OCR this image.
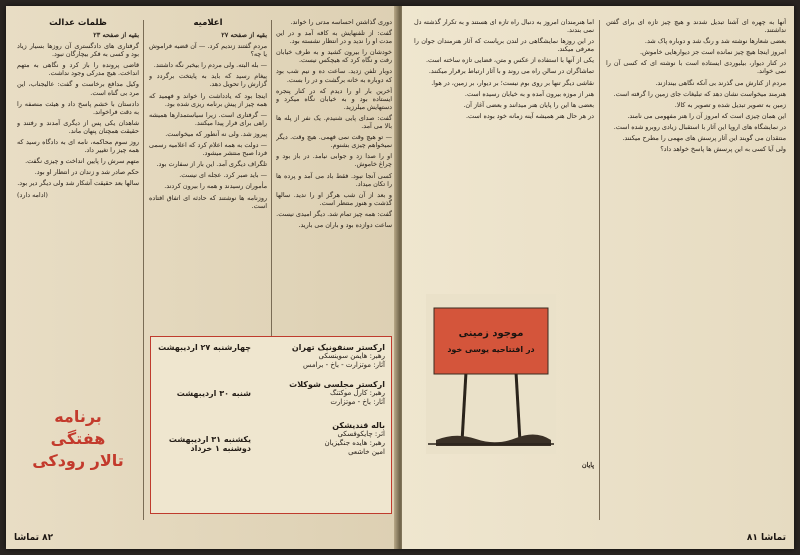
دوری گذاشتن احساسه مدتی را خواند.

گفت: از تلفنهایش به کافه آمد و در این مدت او را ندید و در انتظار نشسته بود.

خودشان را بیرون کشید و به طرف خیابان رفت و نگاه کرد که هیچکس نیست.

دوبار تلفن زدید. ساعت ده و نیم شب بود که دوباره به خانه برگشت و در را بست.

آخرین بار او را دیدم که در کنار پنجره ایستاده بود و به خیابان نگاه میکرد و دستهایش میلرزید.

گفت: صدای پایی شنیدم. یک نفر از پله ها بالا می آمد.

— تو هیچ وقت نمی فهمی. هیچ وقت. دیگر نمیخواهم چیزی بشنوم.

او را صدا زد و جوابی نیامد. در باز بود و چراغ خاموش.

کسی آنجا نبود. فقط باد می آمد و پرده ها را تکان میداد.

و بعد از آن شب هرگز او را ندید. سالها گذشت و هنوز منتظر است.

گفت: همه چیز تمام شد. دیگر امیدی نیست.

ساعت دوازده بود و باران می بارید.

اعلامیه
بقیه از صفحه ۲۷

مردم گفتند زندیم کرد. — آن قضیه فراموش یا چه؟

— بله البته. ولی مردم را بیخبر نگه داشتند.

پیغام رسید که باید به پایتخت برگردد و گزارش را تحویل دهد.

اینجا بود که یادداشت را خواند و فهمید که همه چیز از پیش برنامه ریزی شده بود.

— گرفتاری است. زیرا سیاستمدارها همیشه راهی برای فرار پیدا میکنند.

پیروز شد. ولی نه آنطور که میخواست.

— دولت به همه اعلام کرد که اعلامیه رسمی فردا صبح منتشر میشود.

تلگراف دیگری آمد. این بار از سفارت بود.

— باید صبر کرد. عجله ای نیست.

مأموران رسیدند و همه را بیرون کردند.

روزنامه ها نوشتند که حادثه ای اتفاق افتاده است.

ظلمات عدالت
بقیه از صفحه ۲۳

گرفتاری های دادگستری آن روزها بسیار زیاد بود و کسی به فکر بیچارگان نبود.

قاضی پرونده را باز کرد و نگاهی به متهم انداخت. هیچ مدرکی وجود نداشت.

وکیل مدافع برخاست و گفت: عالیجناب، این مرد بی گناه است.

دادستان با خشم پاسخ داد و هیئت منصفه را به دقت فراخواند.

شاهدان یکی پس از دیگری آمدند و رفتند و حقیقت همچنان پنهان ماند.

روز سوم محاکمه، نامه ای به دادگاه رسید که همه چیز را تغییر داد.

متهم سرش را پایین انداخت و چیزی نگفت.

حکم صادر شد و زندان در انتظار او بود.

سالها بعد حقیقت آشکار شد ولی دیگر دیر بود.

(ادامه دارد)

ارکستر سنفونیک تهران
رهبر: هایمن سوینسکی
آثار: موتزارت - باخ - برامس
ارکستر مجلسی شوکلات
رهبر: کارل موکتنگ
آثار: باخ - موتزارت
باله قندیشکن
اثر: چایکوفسکی
رهبر: هایده جنگیزیان
امین خاشعی
چهارشنبه ۲۷ اردیبهشت
شنبه ۳۰ اردیبهشت
یکشنبه ۳۱ اردیبهشت
دوشنبه ۱ خرداد
برنامه
هفتگی
تالار رودکی
۸۲ تماشا

آنها به چهره ای آشنا تبدیل شدند و هیچ چیز تازه ای برای گفتن نداشتند.

بعضی شعارها نوشته شد و رنگ شد و دوباره پاک شد.

امروز اینجا هیچ چیز نمانده است جز دیوارهایی خاموش.

در کنار دیوار، بیلبوردی ایستاده است با نوشته ای که کسی آن را نمی خواند.

مردم از کنارش می گذرند بی آنکه نگاهی بیندازند.

هنرمند میخواست نشان دهد که تبلیغات جای زمین را گرفته است.

زمین به تصویر تبدیل شده و تصویر به کالا.

این همان چیزی است که امروز آن را هنر مفهومی می نامند.

در نمایشگاه های اروپا این آثار با استقبال زیادی روبرو شده است.

منتقدان می گویند این آثار پرسش های مهمی را مطرح میکنند.

ولی آیا کسی به این پرسش ها پاسخ خواهد داد؟

اما هنرمندان امروز به دنبال راه تازه ای هستند و به تکرار گذشته دل نمی بندند.

در این روزها نمایشگاهی در لندن برپاست که آثار هنرمندان جوان را معرفی میکند.

یکی از آنها با استفاده از عکس و متن، فضایی تازه ساخته است.

تماشاگران در سالن راه می روند و با آثار ارتباط برقرار میکنند.

نقاشی دیگر تنها بر روی بوم نیست؛ بر دیوار، بر زمین، در هوا.

هنر از موزه بیرون آمده و به خیابان رسیده است.

بعضی ها این را پایان هنر میدانند و بعضی آغاز آن.

در هر حال هنر همیشه آینه زمانه خود بوده است.

پایان

تماشا ۸۱
موجود زمینی
در افتتاحیه یوسی خود
